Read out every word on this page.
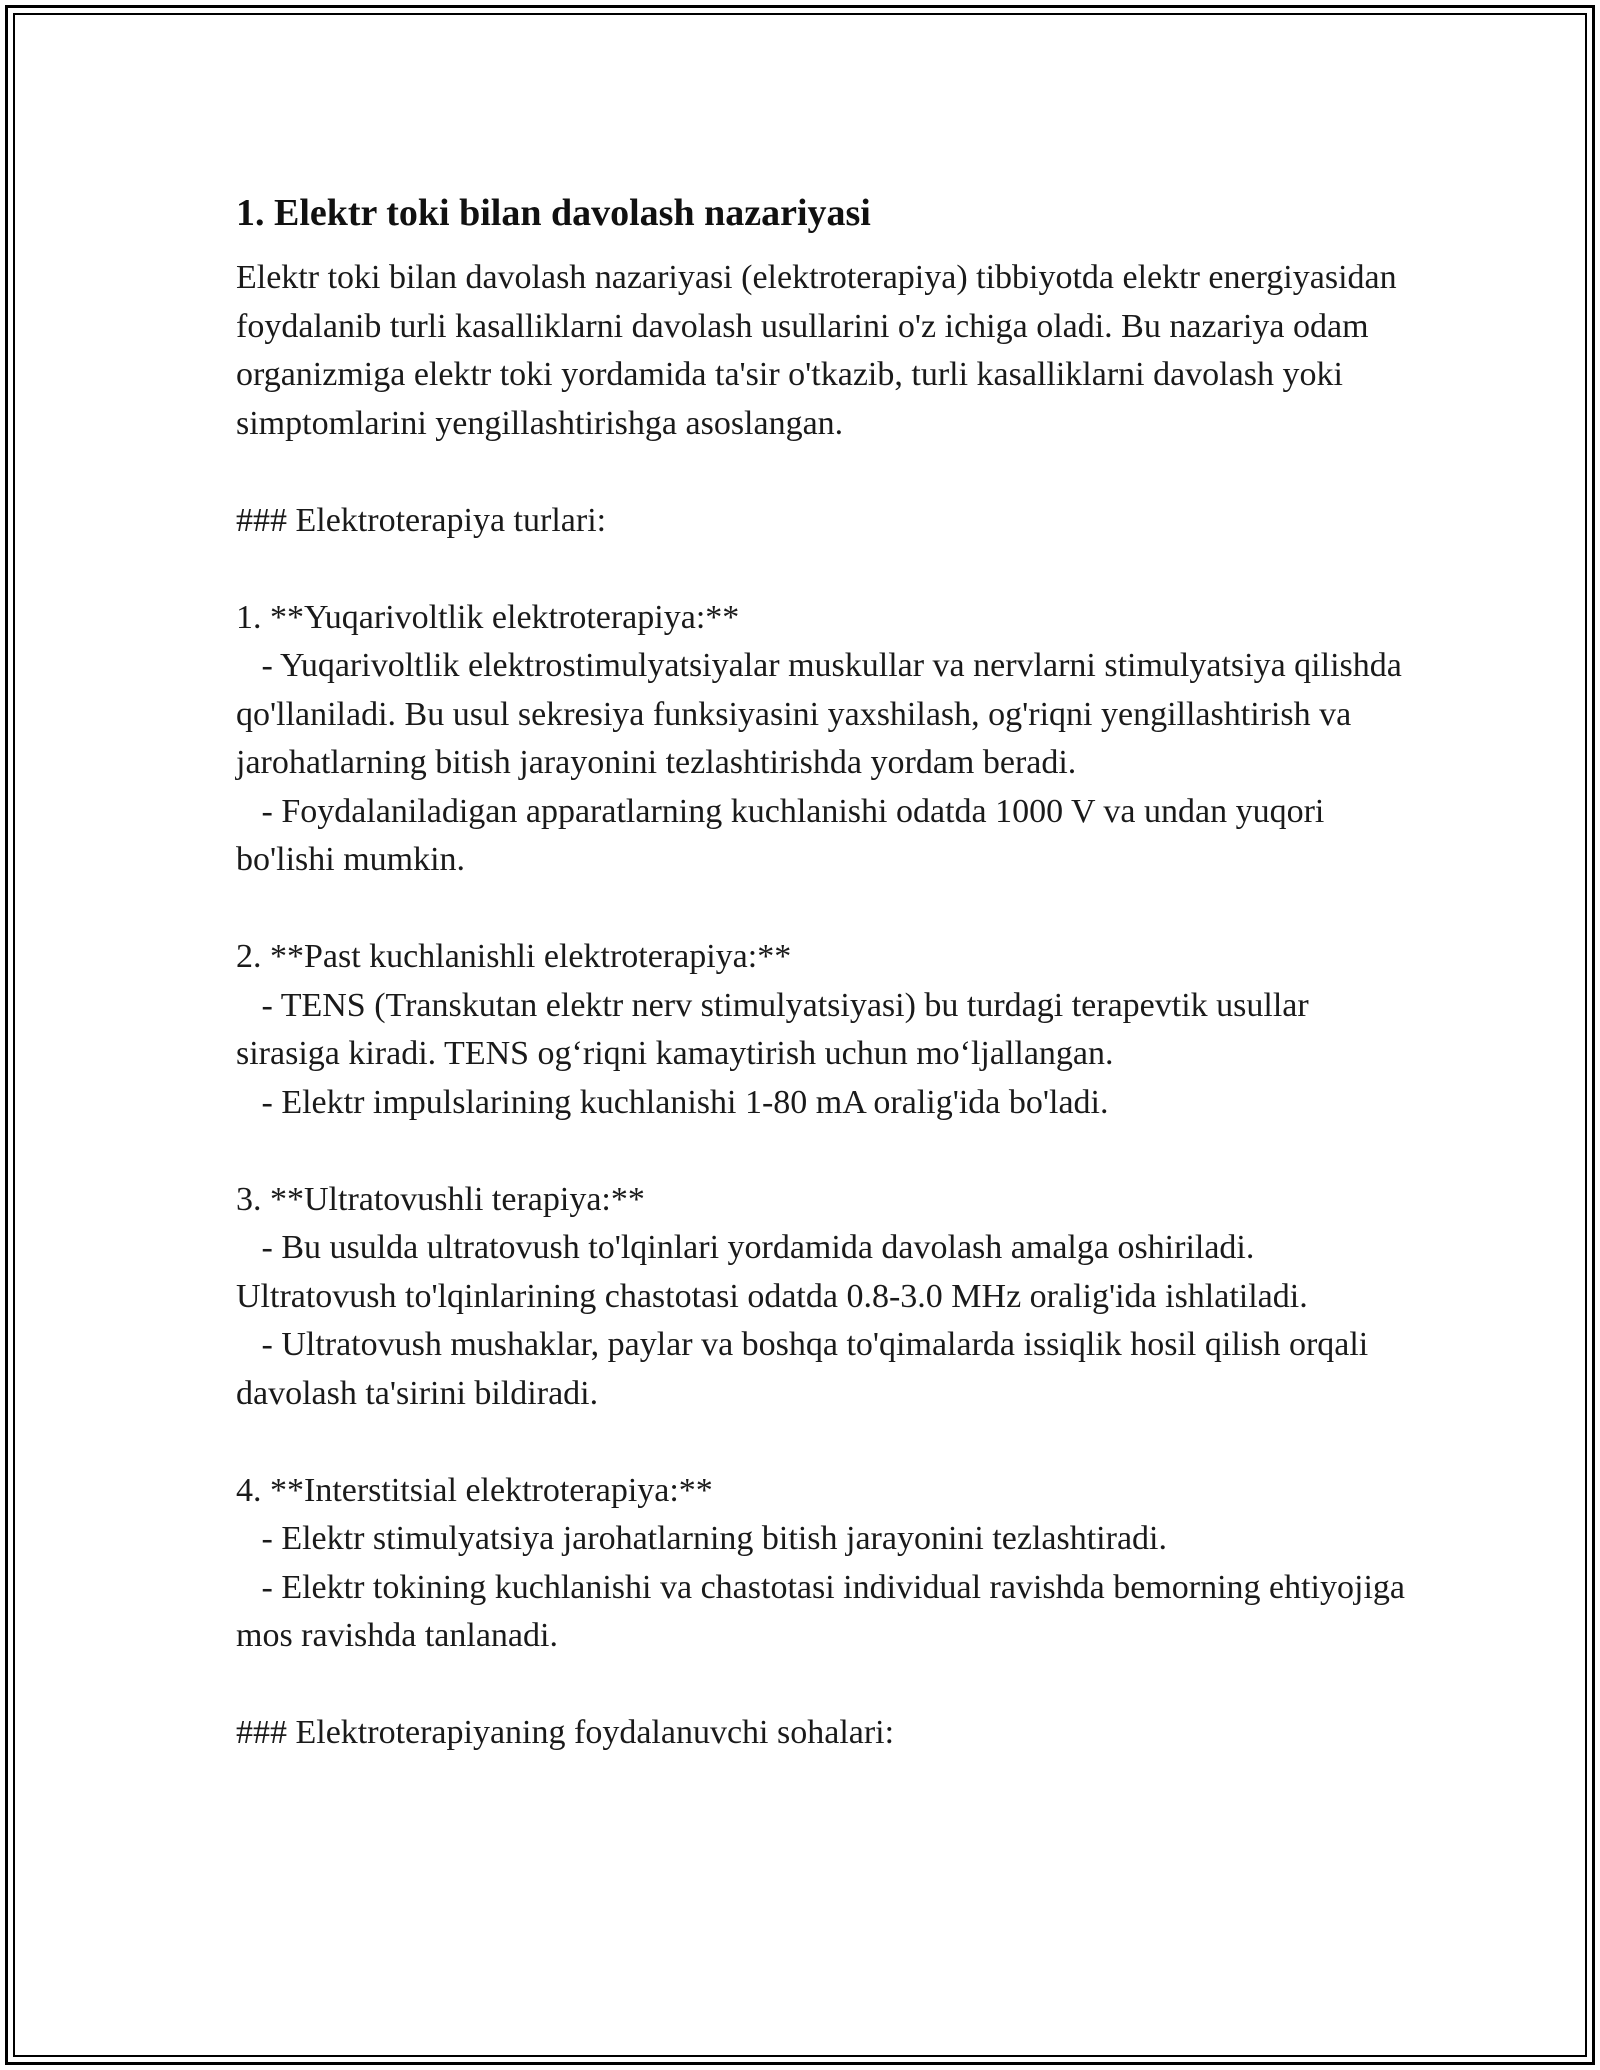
1. Elektr toki bilan davolash nazariyasi

Elektr toki bilan davolash nazariyasi (elektroterapiya) tibbiyotda elektr energiyasidan foydalanib turli kasalliklarni davolash usullarini o'z ichiga oladi. Bu nazariya odam organizmiga elektr toki yordamida ta'sir o'tkazib, turli kasalliklarni davolash yoki simptomlarini yengillashtirishga asoslangan.

### Elektroterapiya turlari:

1. **Yuqarivoltlik elektroterapiya:**

- Yuqarivoltlik elektrostimulyatsiyalar muskullar va nervlarni stimulyatsiya qilishda qo'llaniladi. Bu usul sekresiya funksiyasini yaxshilash, og'riqni yengillashtirish va jarohatlarning bitish jarayonini tezlashtirishda yordam beradi.

- Foydalaniladigan apparatlarning kuchlanishi odatda 1000 V va undan yuqori bo'lishi mumkin.

2. **Past kuchlanishli elektroterapiya:**

- TENS (Transkutan elektr nerv stimulyatsiyasi) bu turdagi terapevtik usullar sirasiga kiradi. TENS og‘riqni kamaytirish uchun mo‘ljallangan.

- Elektr impulslarining kuchlanishi 1-80 mA oralig'ida bo'ladi.

3. **Ultratovushli terapiya:**

- Bu usulda ultratovush to'lqinlari yordamida davolash amalga oshiriladi. Ultratovush to'lqinlarining chastotasi odatda 0.8-3.0 MHz oralig'ida ishlatiladi.

- Ultratovush mushaklar, paylar va boshqa to'qimalarda issiqlik hosil qilish orqali davolash ta'sirini bildiradi.

4. **Interstitsial elektroterapiya:**

- Elektr stimulyatsiya jarohatlarning bitish jarayonini tezlashtiradi.

- Elektr tokining kuchlanishi va chastotasi individual ravishda bemorning ehtiyojiga mos ravishda tanlanadi.

### Elektroterapiyaning foydalanuvchi sohalari:
